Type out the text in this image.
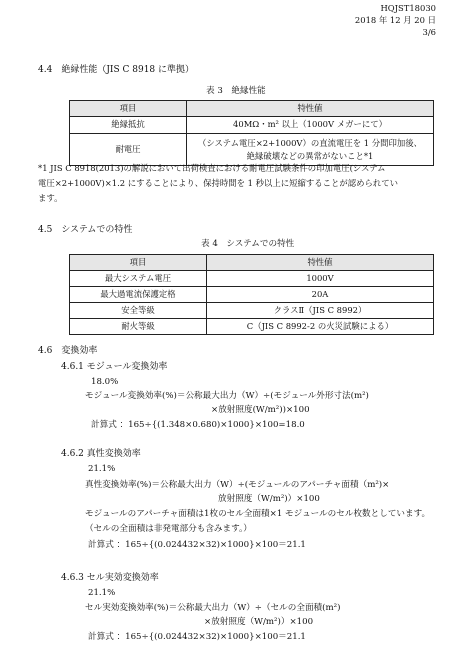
HQJST18030
2018 年 12 月 20 日
3/6
4.4　絶縁性能（JIS C 8918 に準拠）
表 3　絶縁性能
項目	特性値
絶縁抵抗	40MΩ・m² 以上（1000V メガーにて）
耐電圧	（システム電圧×2+1000V）の直流電圧を 1 分間印加後、
絶縁破壊などの異常がないこと*1
*1 JIS C 8918(2013)の解説において出荷検査における耐電圧試験条件の印加電圧(システム
電圧×2+1000V)×1.2 にすることにより、保持時間を 1 秒以上に短縮することが認められてい
ます。
4.5　システムでの特性
表 4　システムでの特性
項目	特性値
最大システム電圧	1000V
最大過電流保護定格	20A
安全等級	クラスⅡ（JIS C 8992）
耐火等級	C（JIS C 8992-2 の火災試験による）
4.6　変換効率
4.6.1 モジュール変換効率
18.0%
モジュール変換効率(%)＝公称最大出力（W）÷(モジュール外形寸法(m²)
×放射照度(W/m²))×100
計算式 ：165÷{(1.348×0.680)×1000}×100=18.0
4.6.2 真性変換効率
21.1%
真性変換効率(%)＝公称最大出力（W）÷(モジュールのアパーチャ面積（m²)×
放射照度（W/m²)）×100
モジュールのアパーチャ面積は1枚のセル全面積×1 モジュールのセル枚数としています。
（セルの全面積は非発電部分も含みます。）
計算式 ：165÷{(0.024432×32)×1000}×100＝21.1
4.6.3 セル実効変換効率
21.1%
セル実効変換効率(%)＝公称最大出力（W）÷（セルの全面積(m²)
×放射照度（W/m²)）×100
計算式 ：165÷{(0.024432×32)×1000}×100＝21.1
